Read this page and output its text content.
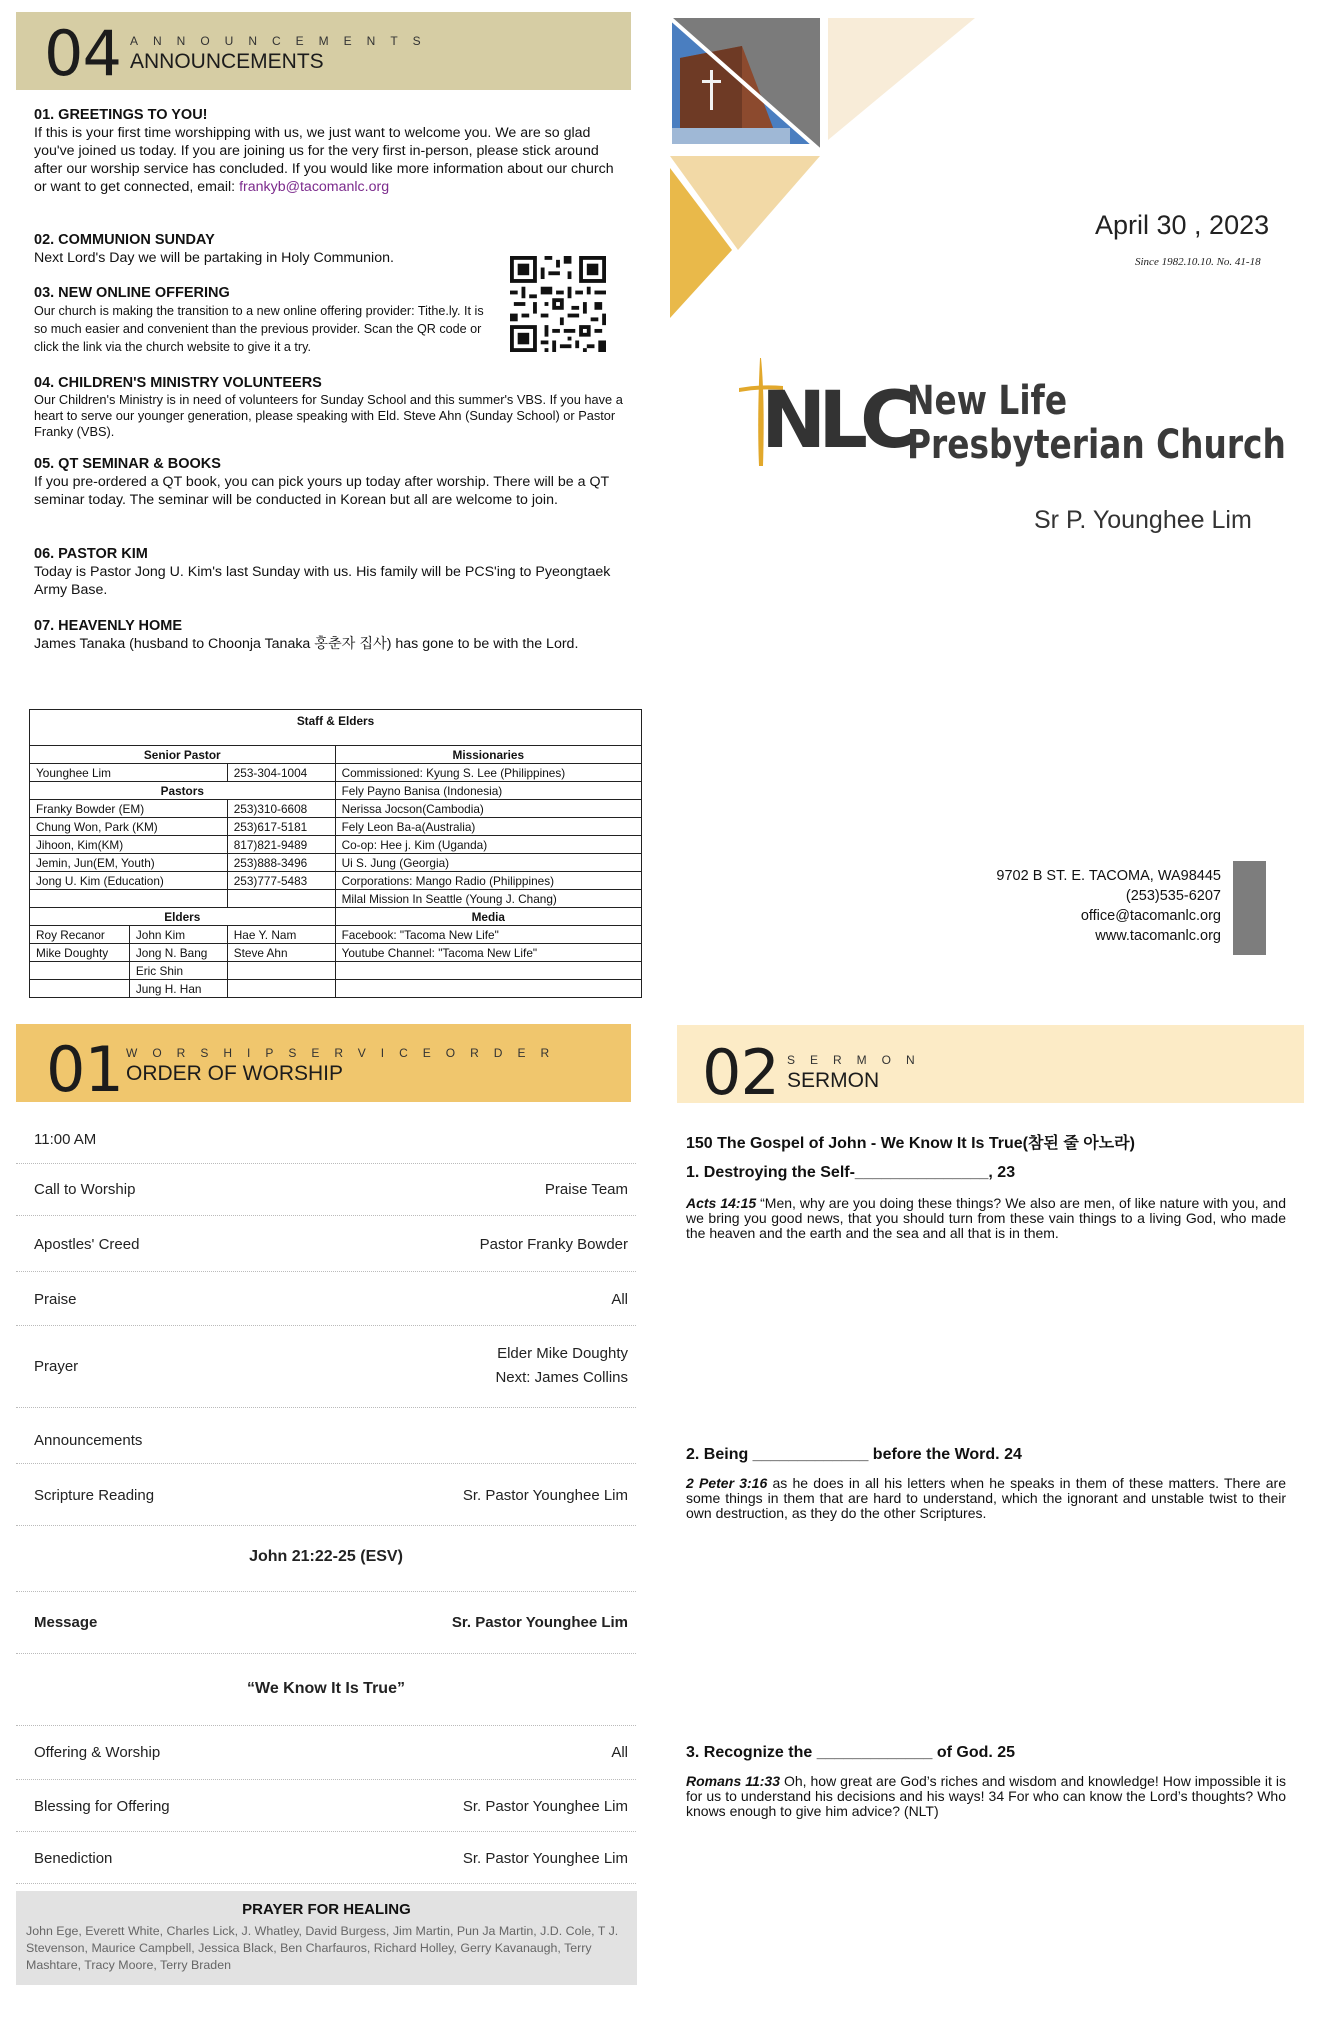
04 ANNOUNCEMENTS
ANNOUNCEMENTS
01. GREETINGS TO YOU!
If this is your first time worshipping with us, we just want to welcome you. We are so glad you've joined us today. If you are joining us for the very first in-person, please stick around after our worship service has concluded. If you would like more information about our church or want to get connected, email: frankyb@tacomanlc.org
02. COMMUNION SUNDAY
Next Lord's Day we will be partaking in Holy Communion.
03. NEW ONLINE OFFERING
Our church is making the transition to a new online offering provider: Tithe.ly. It is so much easier and convenient than the previous provider. Scan the QR code or click the link via the church website to give it a try.
04. CHILDREN'S MINISTRY VOLUNTEERS
Our Children's Ministry is in need of volunteers for Sunday School and this summer's VBS. If you have a heart to serve our younger generation, please speaking with Eld. Steve Ahn (Sunday School) or Pastor Franky (VBS).
05. QT SEMINAR & BOOKS
If you pre-ordered a QT book, you can pick yours up today after worship. There will be a QT seminar today. The seminar will be conducted in Korean but all are welcome to join.
06. PASTOR KIM
Today is Pastor Jong U. Kim's last Sunday with us. His family will be PCS'ing to Pyeongtaek Army Base.
07. HEAVENLY HOME
James Tanaka (husband to Choonja Tanaka 홍춘자 집사) has gone to be with the Lord.
Staff & Elders			
Senior Pastor			Missionaries
Younghee Lim		253-304-1004	Commissioned: Kyung S. Lee (Philippines)
Pastors			Fely Payno Banisa (Indonesia)
Franky Bowder (EM)		253)310-6608	Nerissa Jocson(Cambodia)
Chung Won, Park (KM)		253)617-5181	Fely Leon Ba-a(Australia)
Jihoon, Kim(KM)		817)821-9489	Co-op: Hee j. Kim (Uganda)
Jemin, Jun(EM, Youth)		253)888-3496	Ui S. Jung (Georgia)
Jong U. Kim (Education)		253)777-5483	Corporations: Mango Radio (Philippines)
			Milal Mission In Seattle (Young J. Chang)
Elders			Media
Roy Recanor	John Kim	Hae Y. Nam	Facebook: "Tacoma New Life"
Mike Doughty	Jong N. Bang	Steve Ahn	Youtube Channel: "Tacoma New Life"
	Eric Shin		
	Jung H. Han		
April 30 , 2023
Since 1982.10.10. No. 41-18
NLC
New Life
Presbyterian Church
Sr P. Younghee Lim
9702 B ST. E. TACOMA, WA98445
(253)535-6207
office@tacomanlc.org
www.tacomanlc.org
01 WORSHIPSERVICEORDER
ORDER OF WORSHIP
11:00 AM
Call to Worship	Praise Team
Apostles' Creed	Pastor Franky Bowder
Praise	All
Prayer
Elder Mike Doughty
Next: James Collins
Announcements
Scripture Reading	Sr. Pastor Younghee Lim
John 21:22-25 (ESV)
Message	Sr. Pastor Younghee Lim
“We Know It Is True”
Offering & Worship	All
Blessing for Offering	Sr. Pastor Younghee Lim
Benediction	Sr. Pastor Younghee Lim
PRAYER FOR HEALING
John Ege, Everett White, Charles Lick, J. Whatley, David Burgess, Jim Martin, Pun Ja Martin, J.D. Cole, T J. Stevenson, Maurice Campbell, Jessica Black, Ben Charfauros, Richard Holley, Gerry Kavanaugh, Terry Mashtare, Tracy Moore, Terry Braden
02 SERMON
SERMON
150 The Gospel of John - We Know It Is True(참된 줄 아노라)
1. Destroying the Self-_______________, 23
Acts 14:15 “Men, why are you doing these things? We also are men, of like nature with you, and we bring you good news, that you should turn from these vain things to a living God, who made the heaven and the earth and the sea and all that is in them.
2. Being _____________ before the Word. 24
2 Peter 3:16 as he does in all his letters when he speaks in them of these matters. There are some things in them that are hard to understand, which the ignorant and unstable twist to their own destruction, as they do the other Scriptures.
3. Recognize the _____________ of God. 25
Romans 11:33 Oh, how great are God’s riches and wisdom and knowledge! How impossible it is for us to understand his decisions and his ways! 34 For who can know the Lord’s thoughts? Who knows enough to give him advice? (NLT)
